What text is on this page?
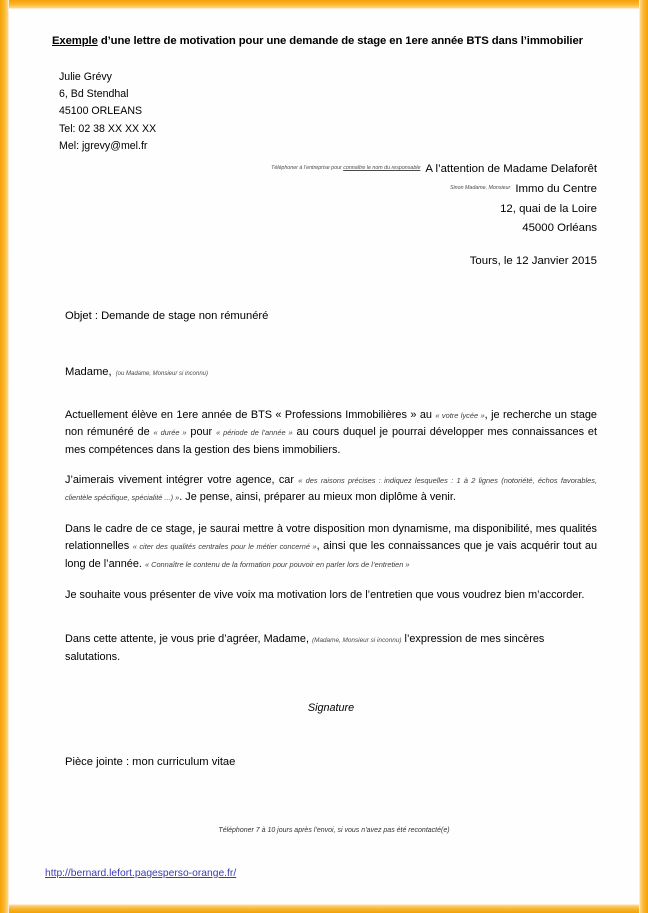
Exemple d’une lettre de motivation pour une demande de stage en 1ere année BTS dans l’immobilier
Julie Grévy
6, Bd Stendhal
45100 ORLEANS
Tel: 02 38 XX XX XX
Mel: jgrevy@mel.fr
Téléphoner à l’entreprise pour connaître le nom du responsable A l’attention de Madame Delaforêt
Sinon Madame, Monsieur Immo du Centre
12, quai de la Loire
45000 Orléans
Tours, le 12 Janvier 2015
Objet : Demande de stage non rémunéré
Madame, (ou Madame, Monsieur si inconnu)
Actuellement élève en 1ere année de BTS « Professions Immobilières » au « votre lycée », je recherche un stage non rémunéré de « durée » pour « période de l’année » au cours duquel je pourrai développer mes connaissances et mes compétences dans la gestion des biens immobiliers.
J’aimerais vivement intégrer votre agence, car « des raisons précises : indiquez lesquelles : 1 à 2 lignes (notoriété, échos favorables, clientèle spécifique, spécialité ...) ». Je pense, ainsi, préparer au mieux mon diplôme à venir.
Dans le cadre de ce stage, je saurai mettre à votre disposition mon dynamisme, ma disponibilité, mes qualités relationnelles « citer des qualités centrales pour le métier concerné », ainsi que les connaissances que je vais acquérir tout au long de l’année. « Connaître le contenu de la formation pour pouvoir en parler lors de l’entretien »
Je souhaite vous présenter de vive voix ma motivation lors de l’entretien que vous voudrez bien m’accorder.
Dans cette attente, je vous prie d’agréer, Madame, (Madame, Monsieur si inconnu) l’expression de mes sincères salutations.
Signature
Pièce jointe : mon curriculum vitae
Téléphoner 7 à 10 jours après l’envoi, si vous n’avez pas été recontacté(e)
http://bernard.lefort.pagesperso-orange.fr/
